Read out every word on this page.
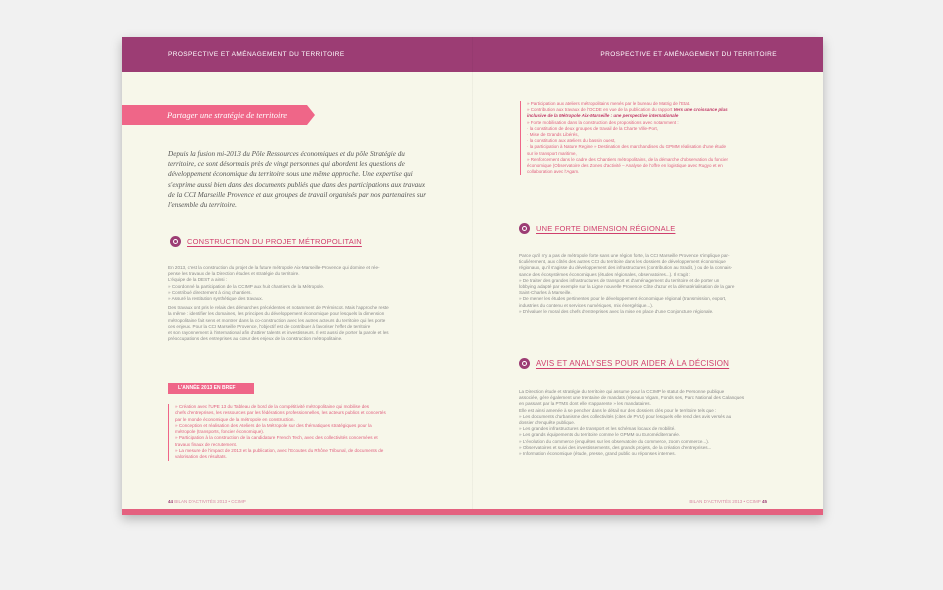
PROSPECTIVE ET AMÉNAGEMENT DU TERRITOIRE	PROSPECTIVE ET AMÉNAGEMENT DU TERRITOIRE
Partager une stratégie de territoire
Depuis la fusion mi-2013 du Pôle Ressources économiques et du pôle Stratégie du territoire, ce sont désormais près de vingt personnes qui abordent les questions de développement économique du territoire sous une même approche. Une expertise qui s'exprime aussi bien dans des documents publiés que dans des participations aux travaux de la CCI Marseille Provence et aux groupes de travail organisés par nos partenaires sur l'ensemble du territoire.
CONSTRUCTION DU PROJET MÉTROPOLITAIN

En 2013, c'est la construction du projet de la future métropole Aix-Marseille-Provence qui domine et rée-

pense les travaux de la Direction études et stratégie du territoire.

L'équipe de la DEST a ainsi :

» Coordonné la participation de la CCIMP aux huit chantiers de la Métropole.

» Contribué directement à cinq chantiers.

» Assuré la restitution synthétique des travaux.

Des travaux ont pris le relais des démarches précédentes et notamment de Prémiscot. Mais l'approche reste

la même : identifier les domaines, les principes du développement économique pour lesquels la dimension

métropolitaine fait sens et montrer dans la co-construction avec les autres acteurs du territoire qui les porte

ces enjeux. Pour la CCI Marseille Provence, l'objectif est de contribuer à favoriser l'effet de territoire

et son rayonnement à l'international afin d'attirer talents et investisseurs. Il est aussi de porter la parole et les

préoccupations des entreprises au cœur des enjeux de la construction métropolitaine.

L'ANNÉE 2013 EN BREF

» Création avec l'UPE 13 du Tableau de bord de la compétitivité métropolitaine qui mobilise des

chefs d'entreprises, les ressources par les fédérations professionnelles, les acteurs publics et concertés

par le monde économique de la métropole en construction.

» Conception et réalisation des Ateliers de la Métropole sur des thématiques stratégiques pour la

métropole (transports, foncier économique).

» Participation à la construction de la candidature French Tech, avec des collectivités concernées et

travaux finaux de recrutement.

» La mesure de l'impact de 2013 et la publication, avec l'Ecoutes du Rhône Tribunal, de documents de

valorisation des résultats.

44 BILAN D'ACTIVITÉS 2013 • CCIMP

» Participation aux ateliers métropolitains menés par le bureau de Matrig de l'Etat.

» Contribution aux travaux de l'OCDE en vue de la publication du rapport Vers une croissance plus

inclusive de la Métropole Aix-Marseille : une perspective internationale

» Forte mobilisation dans la construction des propositions avec notamment :

· la constitution de deux groupes de travail de la Charte Ville-Port,

· Mise de Grands Libérés,

· la constitution aux ateliers du bassin ouest,

· la participation à Nature Regine » Destination des marchandises du GPMM réalisation d'une étude

sur le transport maritime,

» Renforcement dans le cadre des Chantiers métropolitains, de la démarche d'observation du foncier

économique (Observatoire des Zones d'activité – Analyse de l'offre en logistique avec Rugyo et en

collaboration avec l'Agam.

UNE FORTE DIMENSION RÉGIONALE

Parce qu'il n'y a pas de métropole forte sans une région forte, la CCI Marseille Provence s'implique par-

ticulièrement, aux côtés des autres CCI du territoire dans les dossiers de développement économique

régionaux, qu'il s'agisse du développement des infrastructures (contribution au Sradit, ) ou de la connais-

sance des écosystèmes économiques (études régionales, observatoires...). Il s'agit :

» De traiter des grandes infrastructures de transport et d'aménagement du territoire et de porter un

lobbying adapté par exemple sur la Ligne nouvelle Provence Côte d'azur et la dématérialisation de la gare

Saint-Charles à Marseille.

» De mener les études pertinentes pour le développement économique régional (transmission, export,

industries du contenu et services numériques, mix énergétique...).

» D'évaluer le moral des chefs d'entreprises avec la mise en place d'une Conjoncture régionale.

AVIS ET ANALYSES POUR AIDER À LA DÉCISION

La Direction étude et stratégie du territoire qui assume pour la CCIMP le statut de Personne publique

associée, gère également une trentaine de mandats (réseaux Vigam, Fonds ses, Parc National des Calanques

en passant par la PTMS dont elle s'apparente » les mandataires.

Elle est ainsi amenée à se pencher dans le détail sur des dossiers clés pour le territoire tels que :

» Les documents d'urbanisme des collectivités (cites de PVU) pour lesquels elle rend des avis versés au

dossier d'enquête publique.

» Les grandes infrastructures de transport et les schémas locaux de mobilité.

» Les grands équipements du territoire comme le GPMM ou Euroméditerranée.

» L'évolution du commerce (enquêtes sur les observatoire du commerce, zoom commerce...).

» Observatoires et suivi des investissements, des grands projets, de la création d'entreprises...

» Information économique (étude, presse, grand public ou réponses internes.

BILAN D'ACTIVITÉS 2013 • CCIMP 45
